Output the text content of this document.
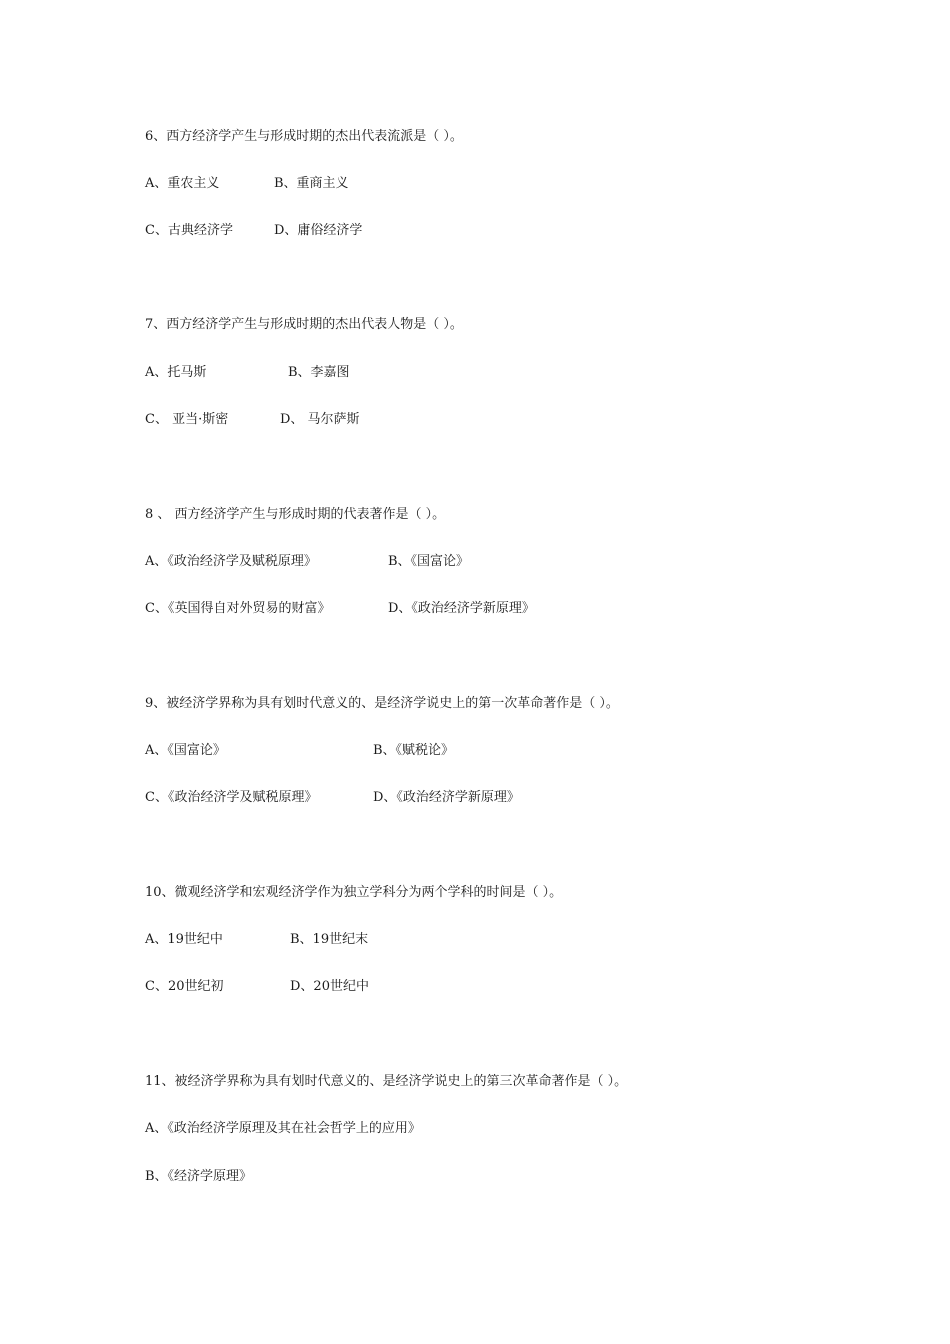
6、西方经济学产生与形成时期的杰出代表流派是（ ）。
A、重农主义	B、重商主义
C、古典经济学	D、庸俗经济学
7、西方经济学产生与形成时期的杰出代表人物是（ ）。
A、托马斯	B、李嘉图
C、 亚当·斯密	D、 马尔萨斯
8 、 西方经济学产生与形成时期的代表著作是（ ）。
A、《政治经济学及赋税原理》	B、《国富论》
C、《英国得自对外贸易的财富》	D、《政治经济学新原理》
9、被经济学界称为具有划时代意义的、是经济学说史上的第一次革命著作是（ ）。
A、《国富论》	B、《赋税论》
C、《政治经济学及赋税原理》	D、《政治经济学新原理》
10、微观经济学和宏观经济学作为独立学科分为两个学科的时间是（ ）。
A、19世纪中	B、19世纪末
C、20世纪初	D、20世纪中
11、被经济学界称为具有划时代意义的、是经济学说史上的第三次革命著作是（ ）。
A、《政治经济学原理及其在社会哲学上的应用》
B、《经济学原理》
